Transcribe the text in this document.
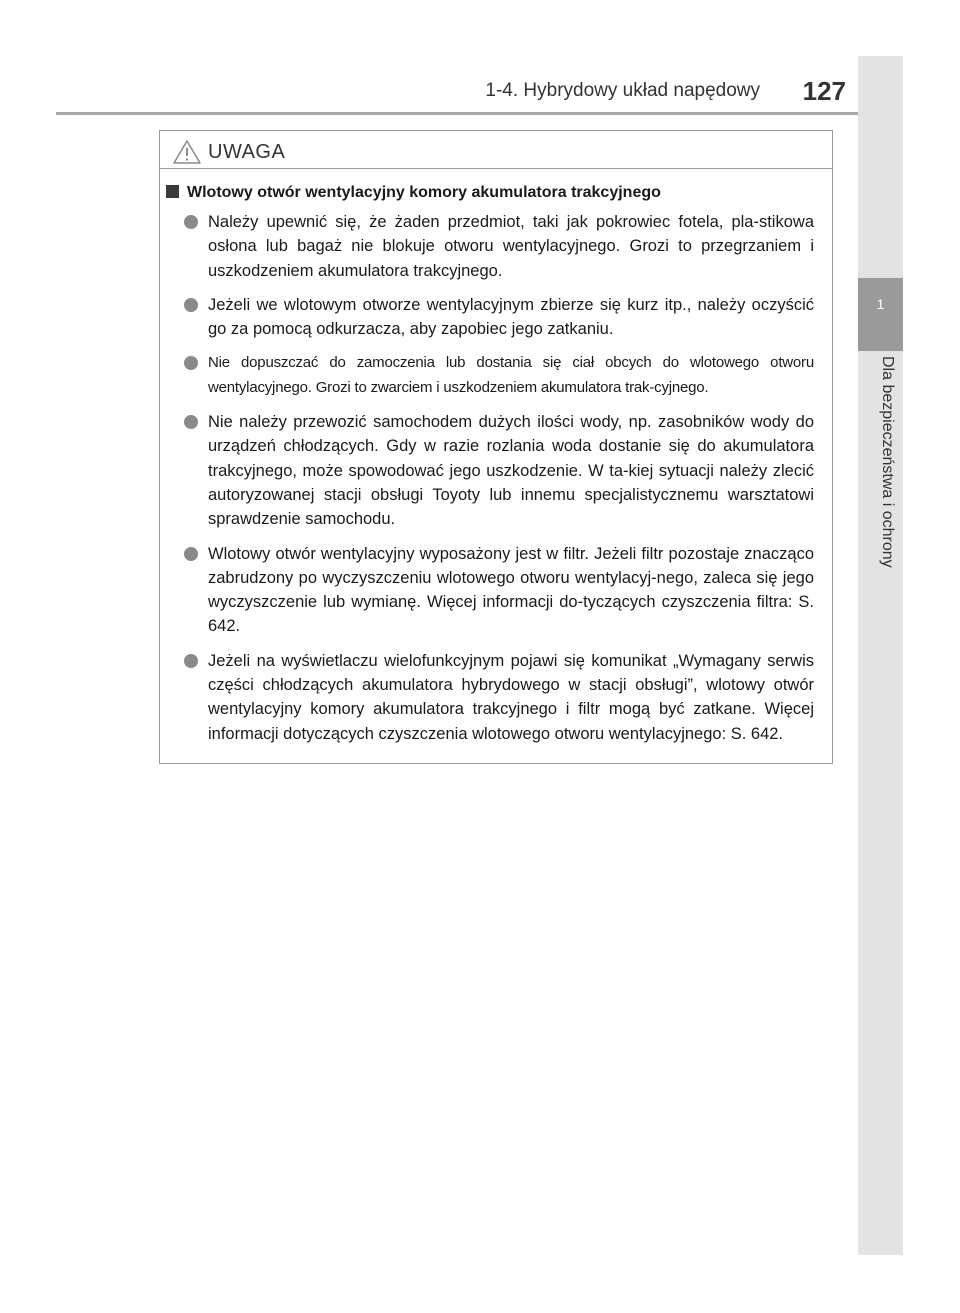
1-4. Hybrydowy układ napędowy	127
1
Dla bezpieczeństwa i ochrony
UWAGA
Wlotowy otwór wentylacyjny komory akumulatora trakcyjnego
Należy upewnić się, że żaden przedmiot, taki jak pokrowiec fotela, pla-stikowa osłona lub bagaż nie blokuje otworu wentylacyjnego. Grozi to przegrzaniem i uszkodzeniem akumulatora trakcyjnego.
Jeżeli we wlotowym otworze wentylacyjnym zbierze się kurz itp., należy oczyścić go za pomocą odkurzacza, aby zapobiec jego zatkaniu.
Nie dopuszczać do zamoczenia lub dostania się ciał obcych do wlotowego otworu wentylacyjnego. Grozi to zwarciem i uszkodzeniem akumulatora trak-cyjnego.
Nie należy przewozić samochodem dużych ilości wody, np. zasobników wody do urządzeń chłodzących. Gdy w razie rozlania woda dostanie się do akumulatora trakcyjnego, może spowodować jego uszkodzenie. W ta-kiej sytuacji należy zlecić autoryzowanej stacji obsługi Toyoty lub innemu specjalistycznemu warsztatowi sprawdzenie samochodu.
Wlotowy otwór wentylacyjny wyposażony jest w filtr. Jeżeli filtr pozostaje znacząco zabrudzony po wyczyszczeniu wlotowego otworu wentylacyj-nego, zaleca się jego wyczyszczenie lub wymianę. Więcej informacji do-tyczących czyszczenia filtra: S. 642.
Jeżeli na wyświetlaczu wielofunkcyjnym pojawi się komunikat „Wymagany serwis części chłodzących akumulatora hybrydowego w stacji obsługi”, wlotowy otwór wentylacyjny komory akumulatora trakcyjnego i filtr mogą być zatkane. Więcej informacji dotyczących czyszczenia wlotowego otworu wentylacyjnego: S. 642.
